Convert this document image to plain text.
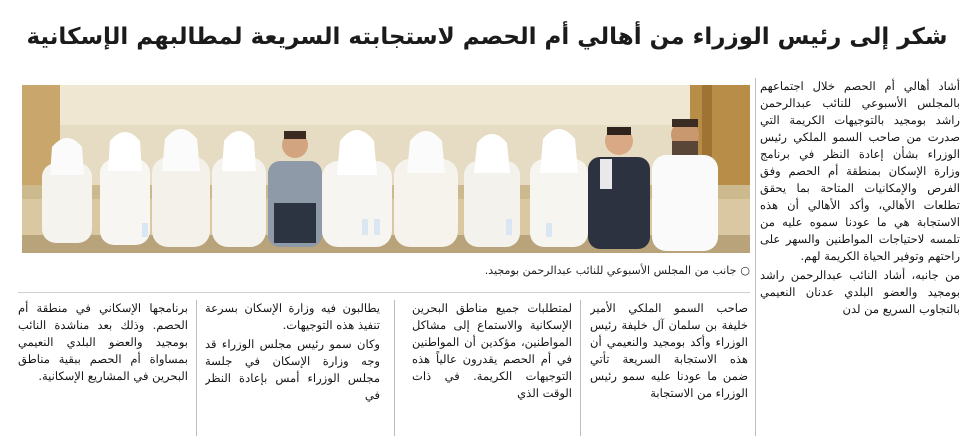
شكر إلى رئيس الوزراء من أهالي أم الحصم لاستجابته السريعة لمطالبهم الإسكانية
○جانب من المجلس الأسبوعي للنائب عبدالرحمن بومجيد.

أشاد أهالي أم الحصم خلال اجتماعهم بالمجلس الأسبوعي للنائب عبدالرحمن راشد بومجيد بالتوجيهات الكريمة التي صدرت من صاحب السمو الملكي رئيس الوزراء بشأن إعادة النظر في برنامج وزارة الإسكان بمنطقة أم الحصم وفق الفرص والإمكانيات المتاحة بما يحقق تطلعات الأهالي، وأكد الأهالي أن هذه الاستجابة هي ما عودنا سموه عليه من تلمسه لاحتياجات المواطنين والسهر على راحتهم وتوفير الحياة الكريمة لهم.

من جانبه، أشاد النائب عبدالرحمن راشد بومجيد والعضو البلدي عدنان النعيمي بالتجاوب السريع من لدن

صاحب السمو الملكي الأمير خليفة بن سلمان آل خليفة رئيس الوزراء وأكد بومجيد والنعيمي أن هذه الاستجابة السريعة تأتي ضمن ما عودنا عليه سمو رئيس الوزراء من الاستجابة

لمتطلبات جميع مناطق البحرين الإسكانية والاستماع إلى مشاكل المواطنين، مؤكدين أن المواطنين في أم الحصم يقدرون عالياً هذه التوجيهات الكريمة. في ذات الوقت الذي

يطالبون فيه وزارة الإسكان بسرعة تنفيذ هذه التوجيهات.

وكان سمو رئيس مجلس الوزراء قد وجه وزارة الإسكان في جلسة مجلس الوزراء أمس بإعادة النظر في

برنامجها الإسكاني في منطقة أم الحصم. وذلك بعد مناشدة النائب بومجيد والعضو البلدي النعيمي بمساواة أم الحصم ببقية مناطق البحرين في المشاريع الإسكانية.
